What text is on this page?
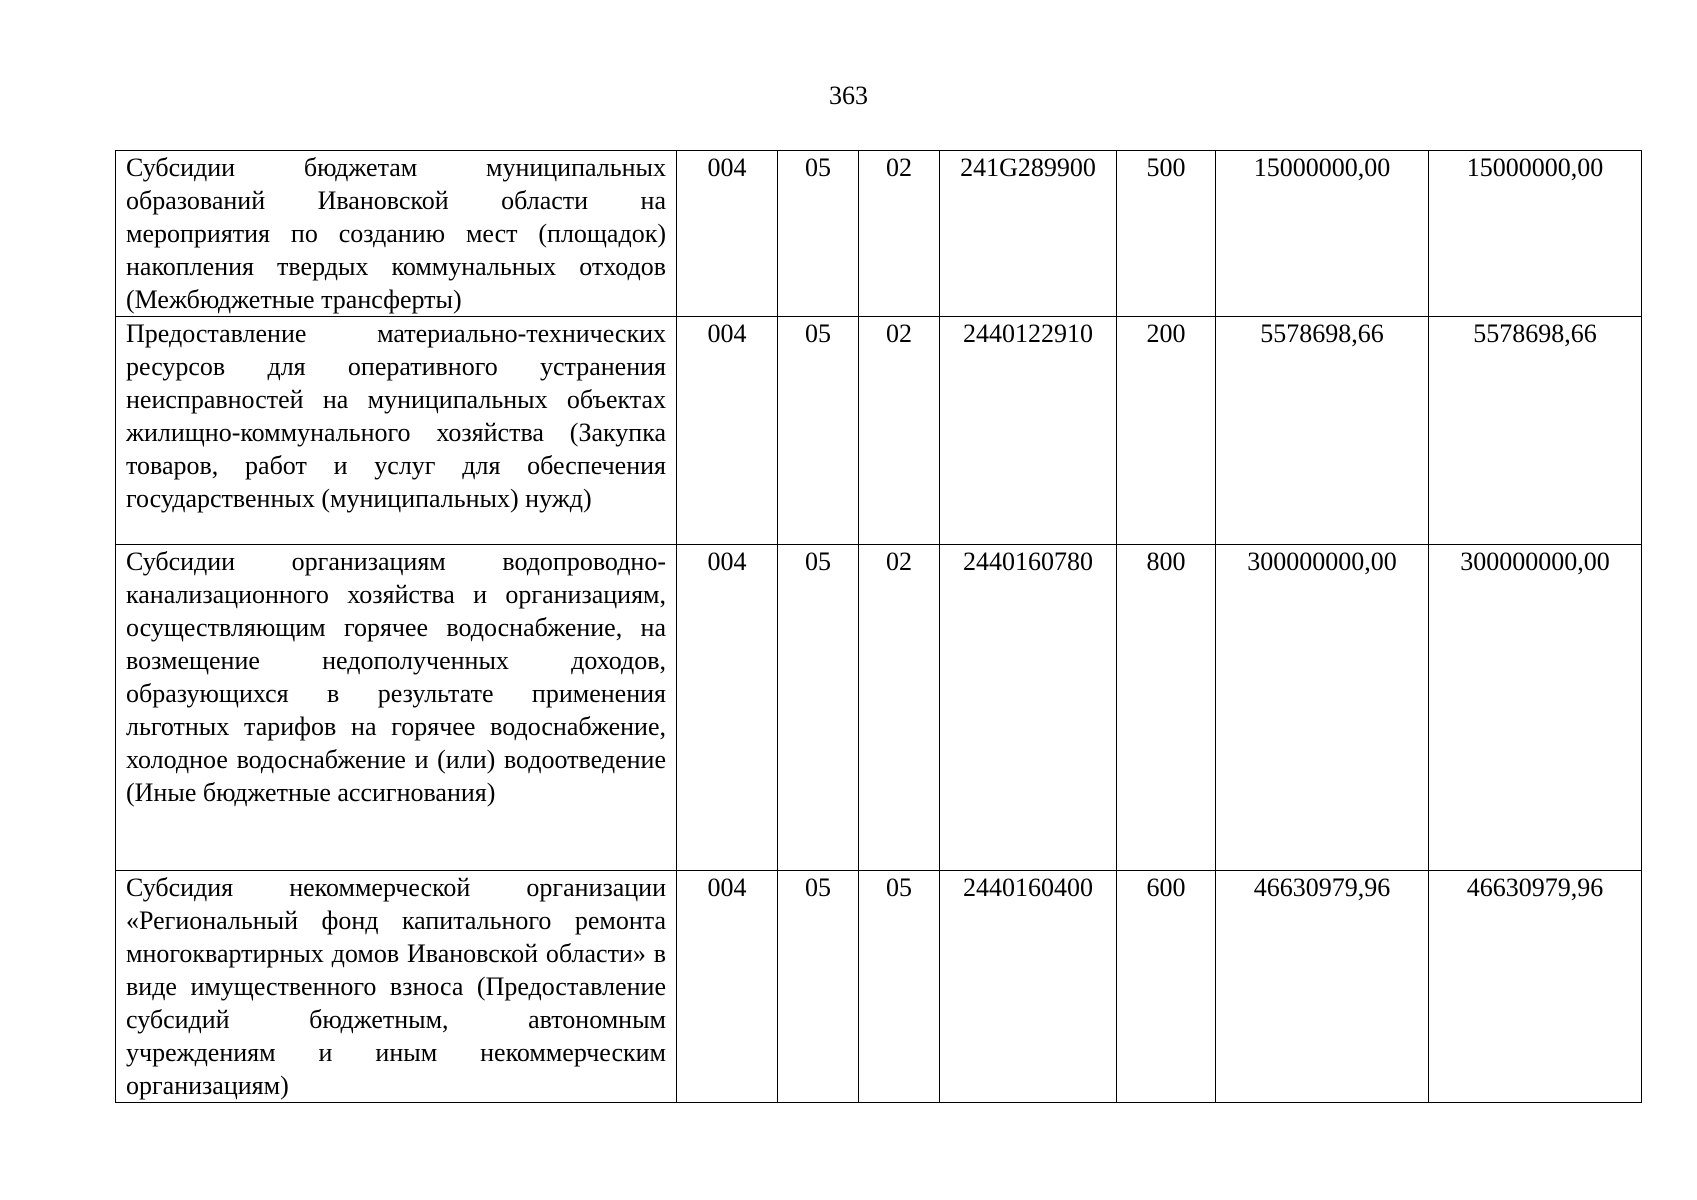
363
Субсидии бюджетам муниципальных образований Ивановской области на мероприятия по созданию мест (площадок) накопления твердых коммунальных отходов (Межбюджетные трансферты)	004	05	02	241G289900	500	15000000,00	15000000,00
Предоставление материально-технических ресурсов для оперативного устранения неисправностей на муниципальных объектах жилищно-коммунального хозяйства (Закупка товаров, работ и услуг для обеспечения государственных (муниципальных) нужд)	004	05	02	2440122910	200	5578698,66	5578698,66
Субсидии организациям водопроводно-канализационного хозяйства и организациям, осуществляющим горячее водоснабжение, на возмещение недополученных доходов, образующихся в результате применения льготных тарифов на горячее водоснабжение, холодное водоснабжение и (или) водоотведение (Иные бюджетные ассигнования)	004	05	02	2440160780	800	300000000,00	300000000,00
Субсидия некоммерческой организации «Региональный фонд капитального ремонта многоквартирных домов Ивановской области» в виде имущественного взноса (Предоставление субсидий бюджетным, автономным учреждениям и иным некоммерческим организациям)	004	05	05	2440160400	600	46630979,96	46630979,96
